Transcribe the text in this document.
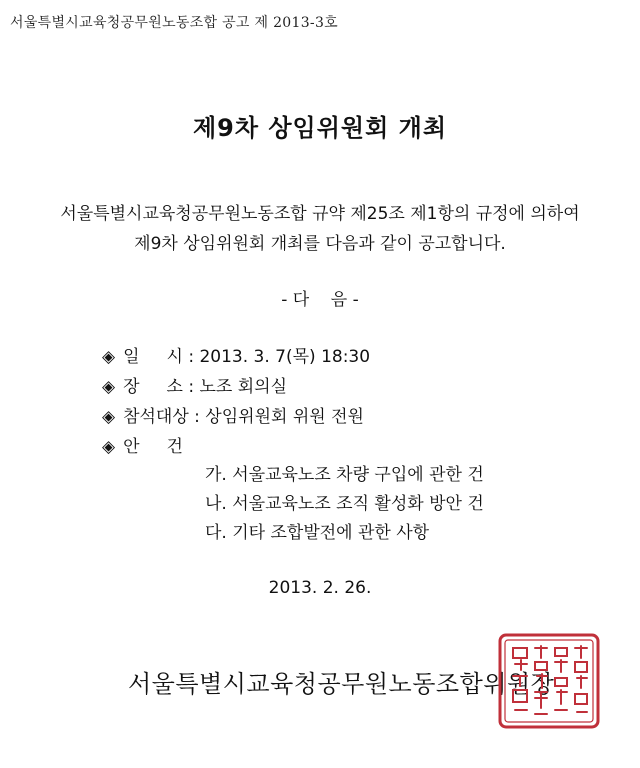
서울특별시교육청공무원노동조합 공고 제 2013-3호
제9차 상임위원회 개최
서울특별시교육청공무원노동조합 규약 제25조 제1항의 규정에 의하여
제9차 상임위원회 개최를 다음과 같이 공고합니다.
- 다    음 -
◈ 일     시 : 2013. 3. 7(목) 18:30
◈ 장     소 : 노조 회의실
◈ 참석대상 : 상임위원회 위원 전원
◈ 안     건
가. 서울교육노조 차량 구입에 관한 건
나. 서울교육노조 조직 활성화 방안 건
다. 기타 조합발전에 관한 사항
2013. 2. 26.
서울특별시교육청공무원노동조합위원장
